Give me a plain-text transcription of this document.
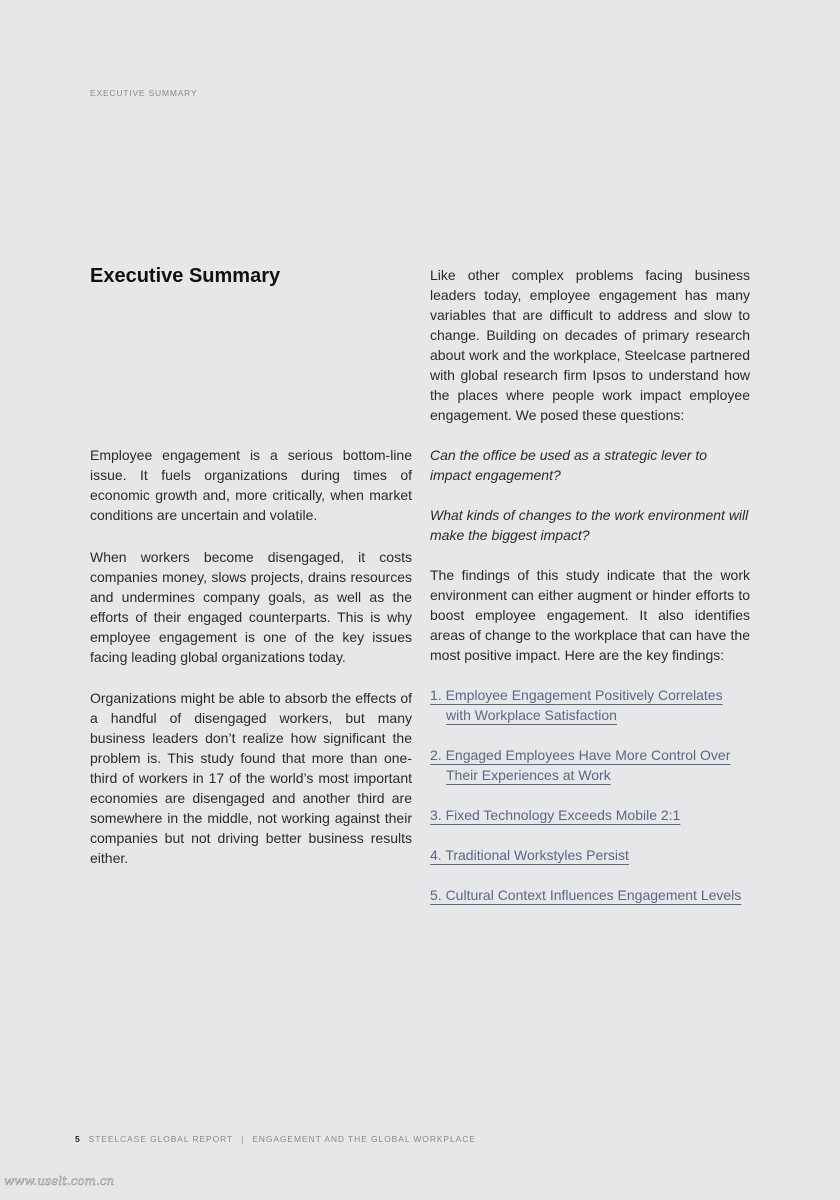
EXECUTIVE SUMMARY
Executive Summary

Employee engagement is a serious bottom-line issue. It fuels organizations during times of economic growth and, more critically, when market conditions are uncertain and volatile.

When workers become disengaged, it costs companies money, slows projects, drains resources and undermines company goals, as well as the efforts of their engaged counterparts. This is why employee engagement is one of the key issues facing leading global organizations today.

Organizations might be able to absorb the effects of a handful of disengaged workers, but many business leaders don’t realize how significant the problem is. This study found that more than one-third of workers in 17 of the world’s most important economies are disengaged and another third are somewhere in the middle, not working against their companies but not driving better business results either.

Like other complex problems facing business leaders today, employee engagement has many variables that are difficult to address and slow to change. Building on decades of primary research about work and the workplace, Steelcase partnered with global research firm Ipsos to understand how the places where people work impact employee engagement. We posed these questions:

Can the office be used as a strategic lever to impact engagement?

What kinds of changes to the work environment will make the biggest impact?

The findings of this study indicate that the work environment can either augment or hinder efforts to boost employee engagement. It also identifies areas of change to the workplace that can have the most positive impact. Here are the key findings:

1. Employee Engagement Positively Correlates
with Workplace Satisfaction
2. Engaged Employees Have More Control Over
Their Experiences at Work
3. Fixed Technology Exceeds Mobile 2:1
4. Traditional Workstyles Persist
5. Cultural Context Influences Engagement Levels
5 STEELCASE GLOBAL REPORT | ENGAGEMENT AND THE GLOBAL WORKPLACE
www.uselt.com.cn
